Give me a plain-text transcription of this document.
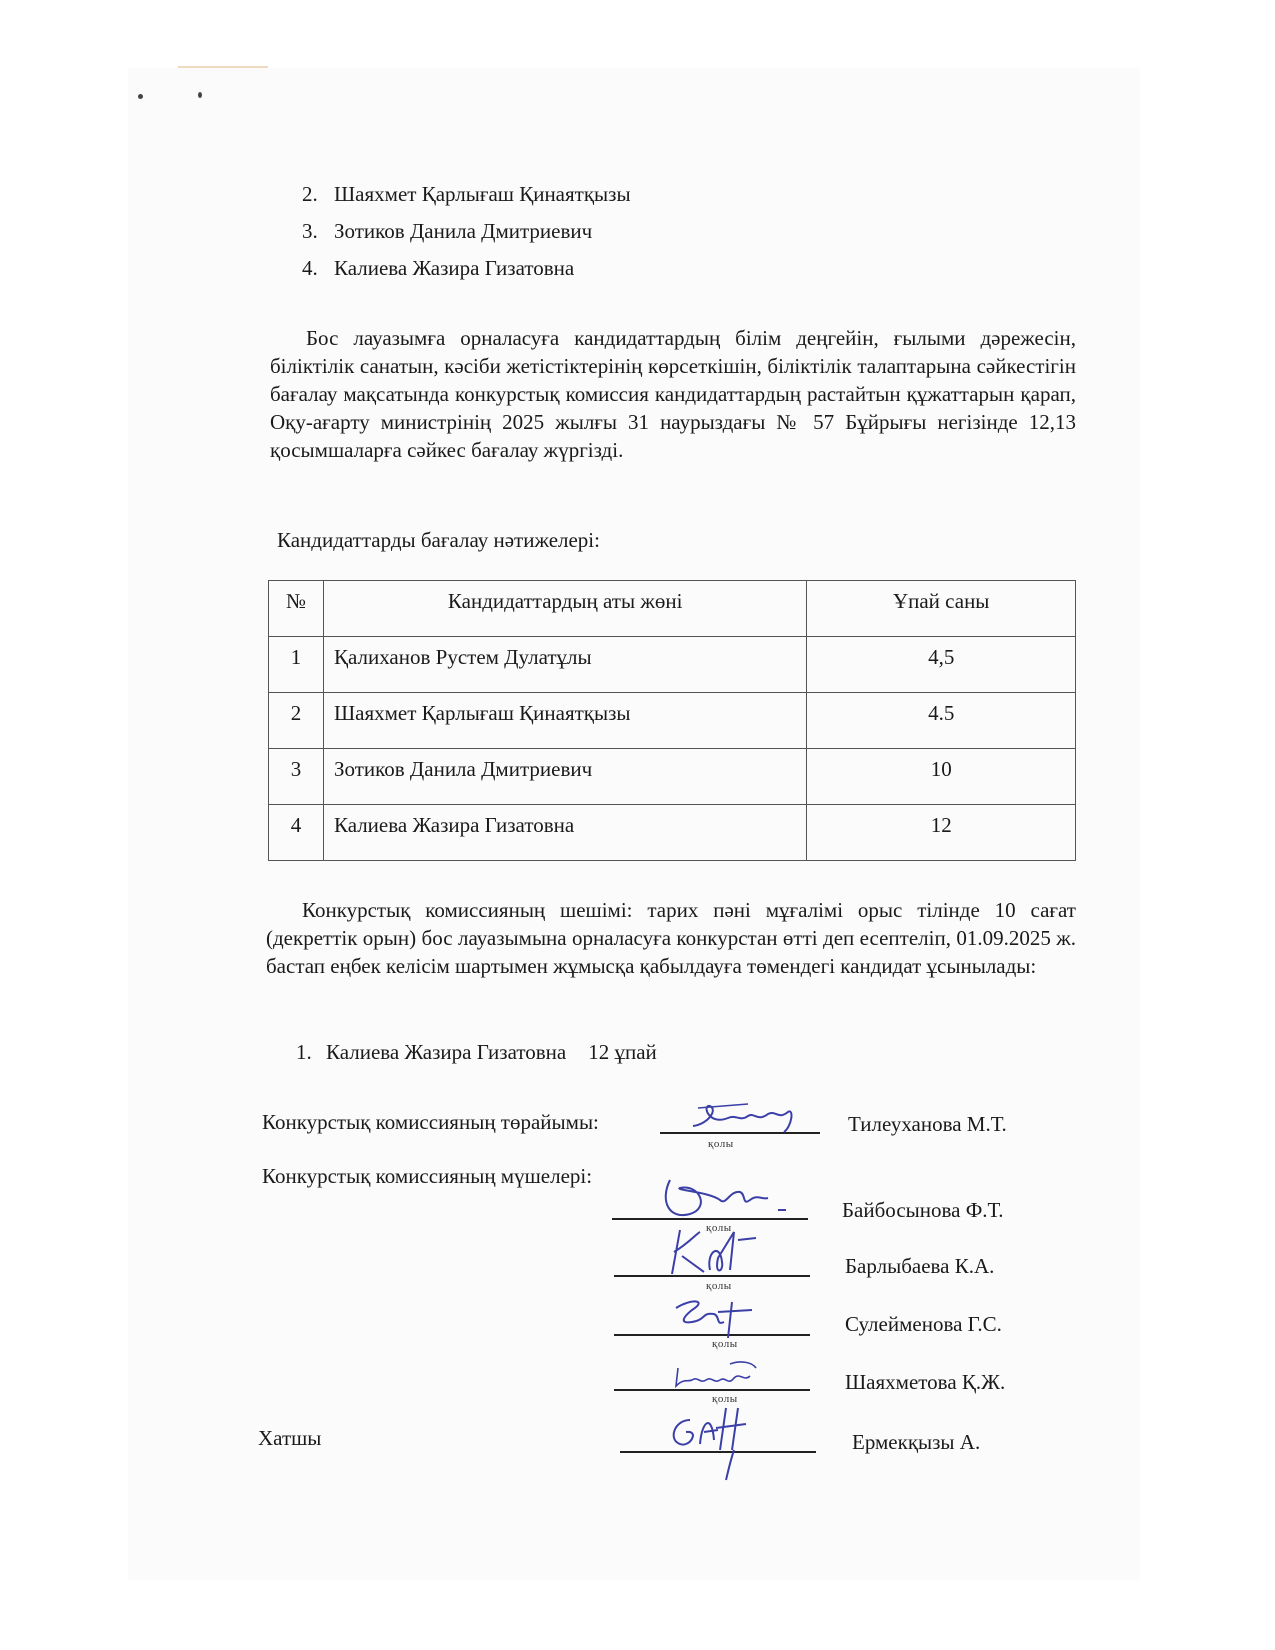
2. Шаяхмет Қарлығаш Қинаятқызы
3. Зотиков Данила Дмитриевич
4. Калиева Жазира Гизатовна

Бос лауазымға орналасуға кандидаттардың білім деңгейін, ғылыми дәрежесін, біліктілік санатын, кәсіби жетістіктерінің көрсеткішін, біліктілік талаптарына сәйкестігін бағалау мақсатында конкурстық комиссия кандидаттардың растайтын құжаттарын қарап, Оқу-ағарту министрінің 2025 жылғы 31 наурыздағы № 57 Бұйрығы негізінде 12,13 қосымшаларға сәйкес бағалау жүргізді.

Кандидаттарды бағалау нәтижелері:
№	Кандидаттардың аты жөні	Ұпай саны
1	Қалиханов Рустем Дулатұлы	4,5
2	Шаяхмет Қарлығаш Қинаятқызы	4.5
3	Зотиков Данила Дмитриевич	10
4	Калиева Жазира Гизатовна	12

Конкурстық комиссияның шешімі: тарих пәні мұғалімі орыс тілінде 10 сағат (декреттік орын) бос лауазымына орналасуға конкурстан өтті деп есептеліп, 01.09.2025 ж. бастап еңбек келісім шартымен жұмысқа қабылдауға төмендегі кандидат ұсынылады:

1. Калиева Жазира Гизатовна 12 ұпай
Конкурстық комиссияның төрайымы:
қолы
Тилеуханова М.Т.
Конкурстық комиссияның мүшелері:
қолы
Байбосынова Ф.Т.
қолы
Барлыбаева К.А.
қолы
Сулейменова Г.С.
қолы
Шаяхметова Қ.Ж.
Хатшы	Ермекқызы А.
